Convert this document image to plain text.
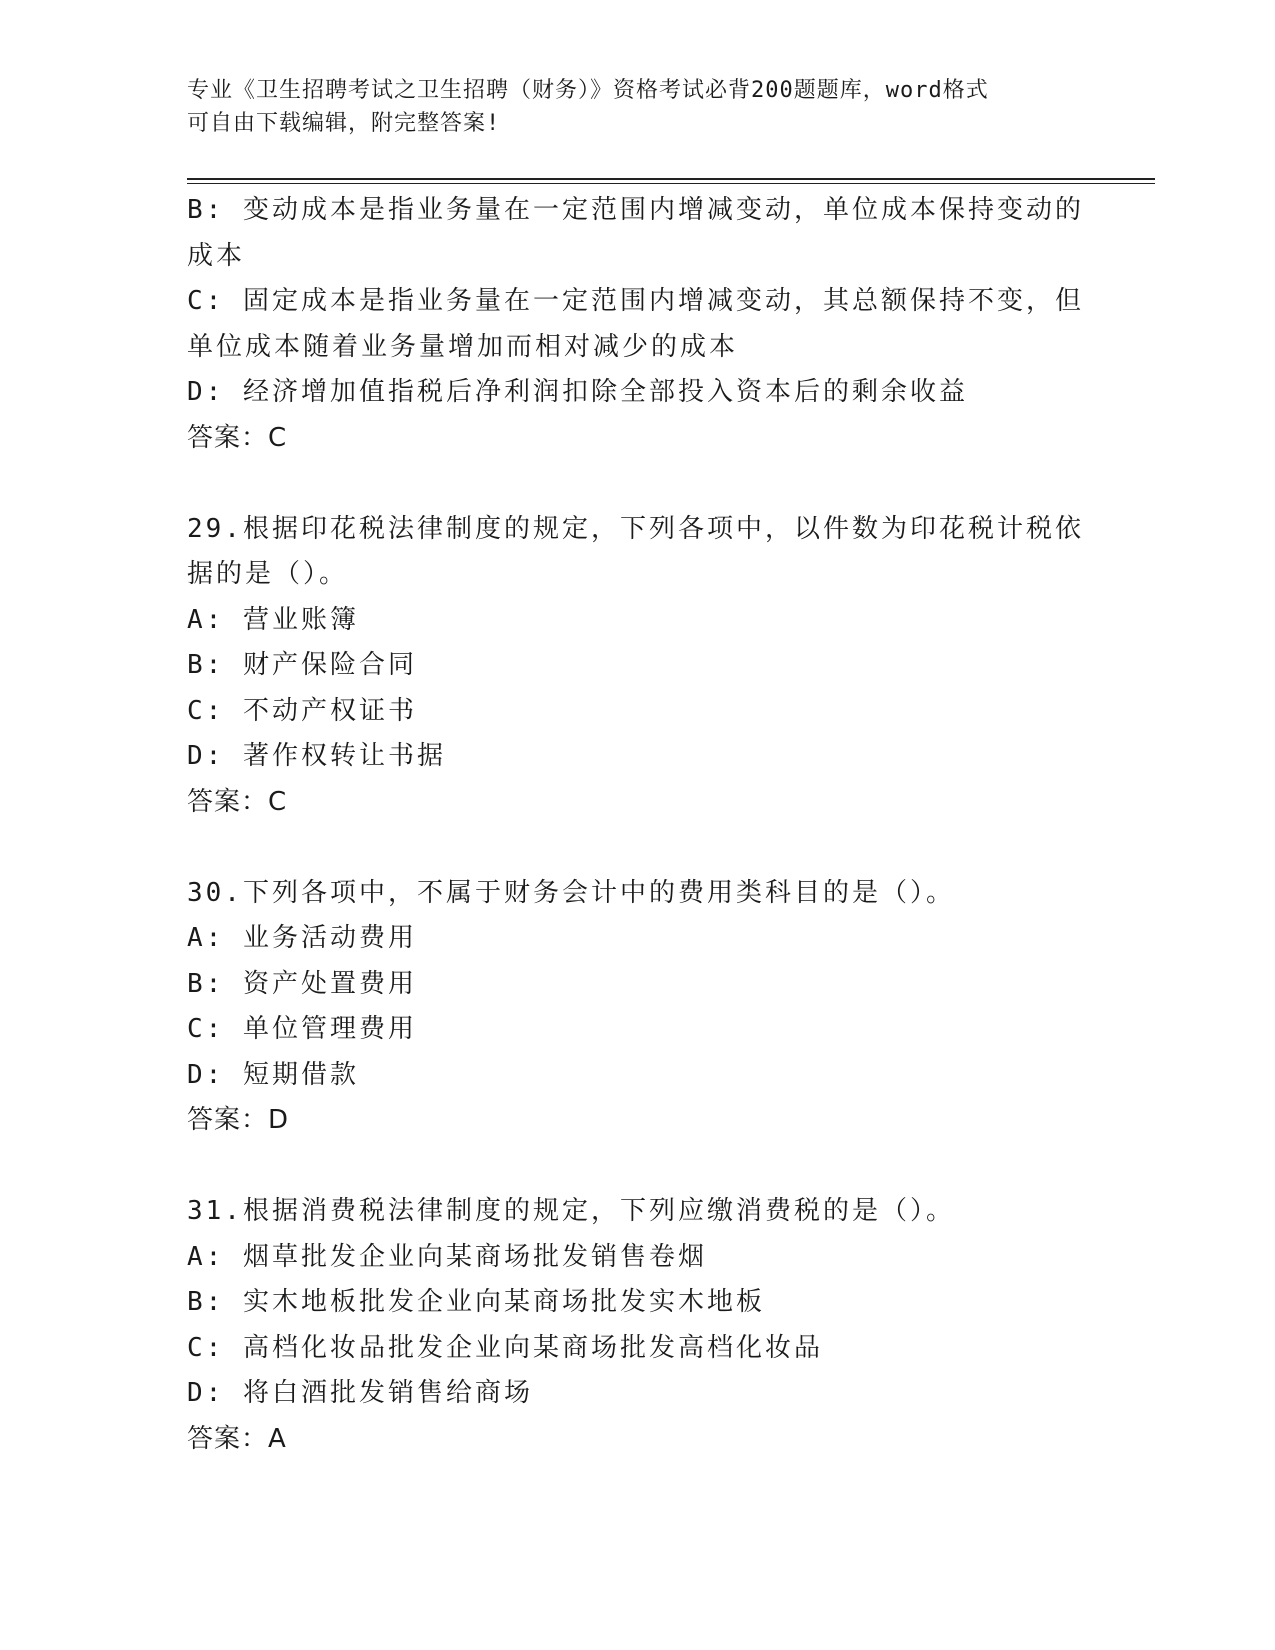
专业《卫生招聘考试之卫生招聘（财务）》资格考试必背200题题库，word格式
可自由下载编辑，附完整答案!
B: 变动成本是指业务量在一定范围内增减变动，单位成本保持变动的
成本
C: 固定成本是指业务量在一定范围内增减变动，其总额保持不变，但
单位成本随着业务量增加而相对减少的成本
D: 经济增加值指税后净利润扣除全部投入资本后的剩余收益
答案：C
29.根据印花税法律制度的规定，下列各项中，以件数为印花税计税依
据的是（）。
A: 营业账簿
B: 财产保险合同
C: 不动产权证书
D: 著作权转让书据
答案：C
30.下列各项中，不属于财务会计中的费用类科目的是（）。
A: 业务活动费用
B: 资产处置费用
C: 单位管理费用
D: 短期借款
答案：D
31.根据消费税法律制度的规定，下列应缴消费税的是（）。
A: 烟草批发企业向某商场批发销售卷烟
B: 实木地板批发企业向某商场批发实木地板
C: 高档化妆品批发企业向某商场批发高档化妆品
D: 将白酒批发销售给商场
答案：A
